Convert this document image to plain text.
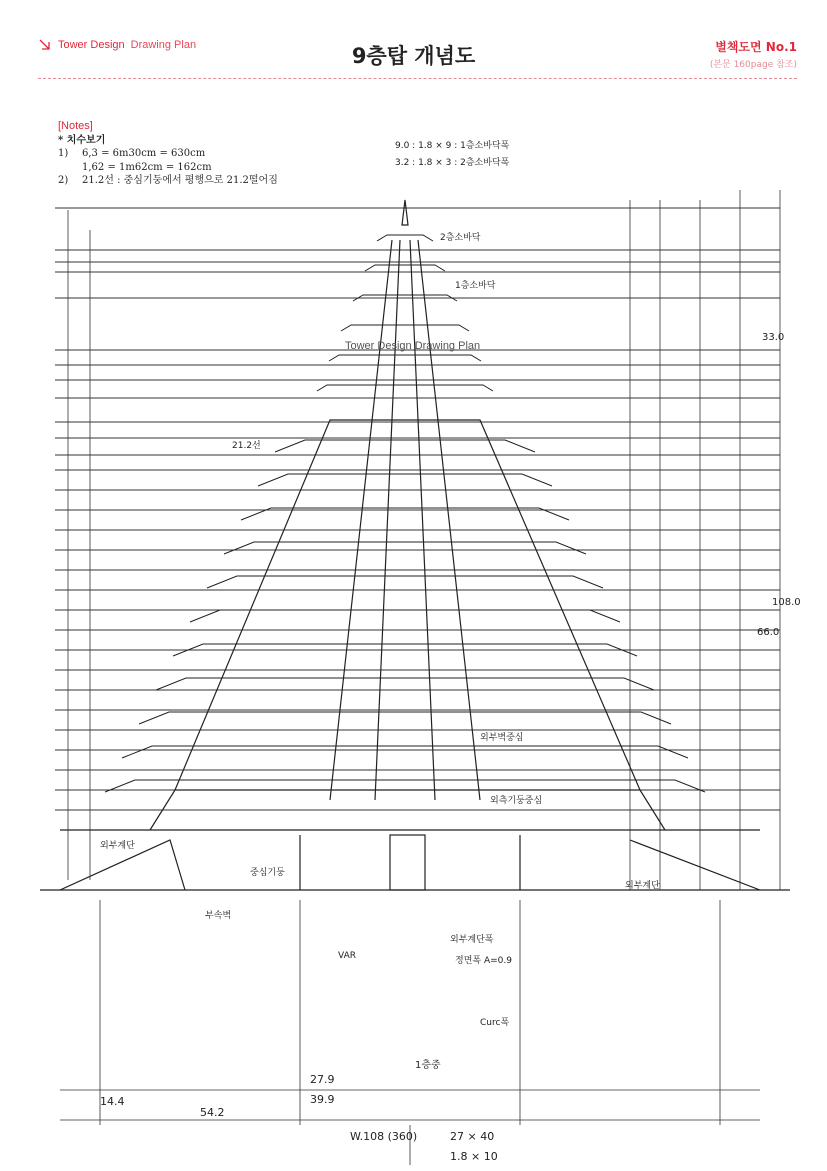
Tower Design Drawing Plan	9층탑 개념도	별책도면 No.1
(본문 160page 참조)
[Notes]
* 치수보기
1)	6,3 = 6m30cm = 630cm
1,62 = 1m62cm = 162cm
2)	21.2선 : 중심기둥에서 평행으로 21.2떨어짐
9.0 : 1.8 × 9 : 1층소바닥폭
3.2 : 1.8 × 3 : 2층소바닥폭
2층소바닥
1층소바닥
외부계단
중심기둥
부속벽
외부계단폭
정면폭 A=0.9
VAR
W.108 (360)	27 × 40
1.8 × 10
54.2
39.9
27.9
14.4
1층중
108.0
33.0
66.0
외부벽중심
외측기둥중심
외부계단
21.2선
Curc폭
Tower Design Drawing Plan
